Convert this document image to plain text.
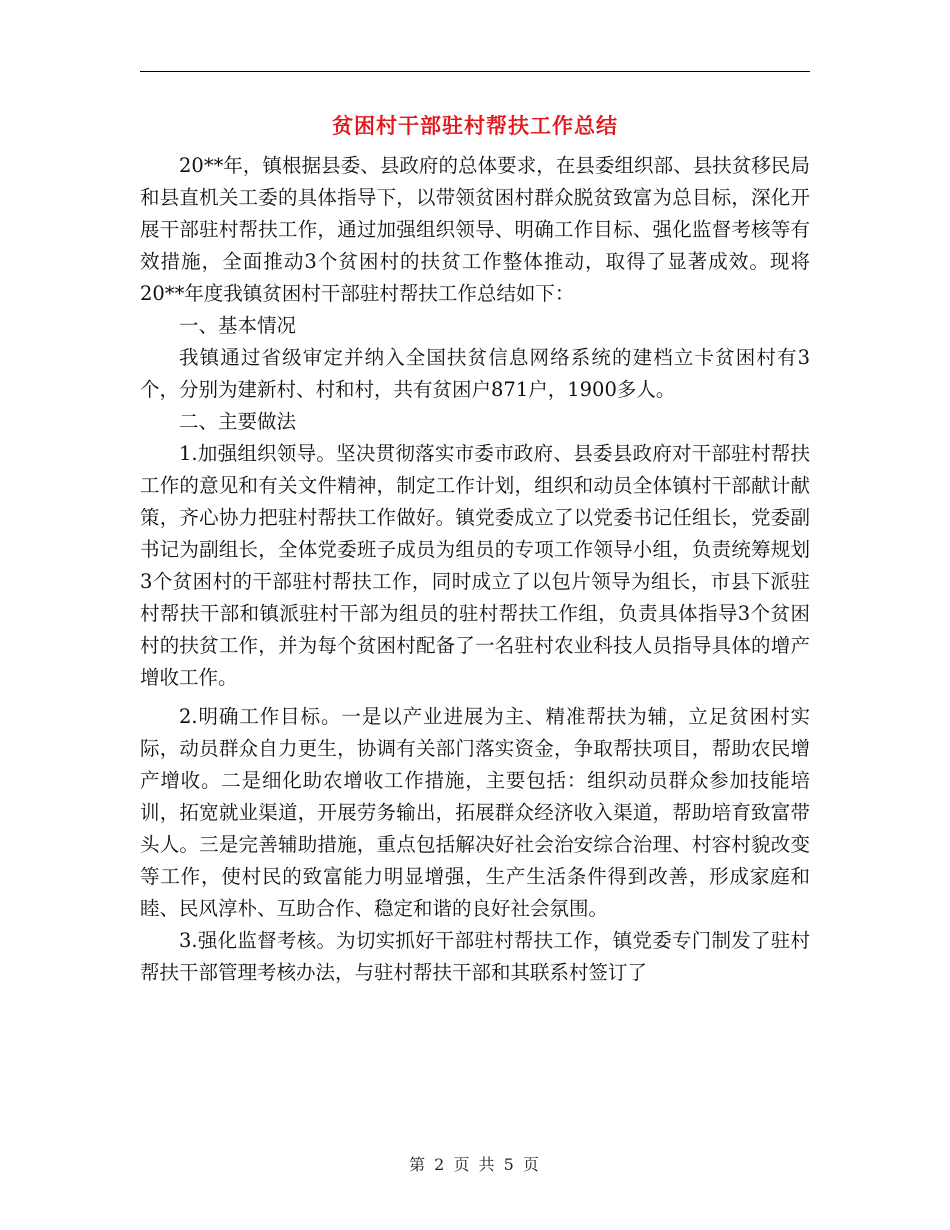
贫困村干部驻村帮扶工作总结

20**年，镇根据县委、县政府的总体要求，在县委组织部、县扶贫移民局和县直机关工委的具体指导下，以带领贫困村群众脱贫致富为总目标，深化开展干部驻村帮扶工作，通过加强组织领导、明确工作目标、强化监督考核等有效措施，全面推动3个贫困村的扶贫工作整体推动，取得了显著成效。现将20**年度我镇贫困村干部驻村帮扶工作总结如下：

一、基本情况

我镇通过省级审定并纳入全国扶贫信息网络系统的建档立卡贫困村有3个，分别为建新村、村和村，共有贫困户871户，1900多人。

二、主要做法

1.加强组织领导。坚决贯彻落实市委市政府、县委县政府对干部驻村帮扶工作的意见和有关文件精神，制定工作计划，组织和动员全体镇村干部献计献策，齐心协力把驻村帮扶工作做好。镇党委成立了以党委书记任组长，党委副书记为副组长，全体党委班子成员为组员的专项工作领导小组，负责统筹规划3个贫困村的干部驻村帮扶工作，同时成立了以包片领导为组长，市县下派驻村帮扶干部和镇派驻村干部为组员的驻村帮扶工作组，负责具体指导3个贫困村的扶贫工作，并为每个贫困村配备了一名驻村农业科技人员指导具体的增产增收工作。

2.明确工作目标。一是以产业进展为主、精准帮扶为辅，立足贫困村实际，动员群众自力更生，协调有关部门落实资金，争取帮扶项目，帮助农民增产增收。二是细化助农增收工作措施，主要包括：组织动员群众参加技能培训，拓宽就业渠道，开展劳务输出，拓展群众经济收入渠道，帮助培育致富带头人。三是完善辅助措施，重点包括解决好社会治安综合治理、村容村貌改变等工作，使村民的致富能力明显增强，生产生活条件得到改善，形成家庭和睦、民风淳朴、互助合作、稳定和谐的良好社会氛围。

3.强化监督考核。为切实抓好干部驻村帮扶工作，镇党委专门制发了驻村帮扶干部管理考核办法，与驻村帮扶干部和其联系村签订了

第 2 页 共 5 页
